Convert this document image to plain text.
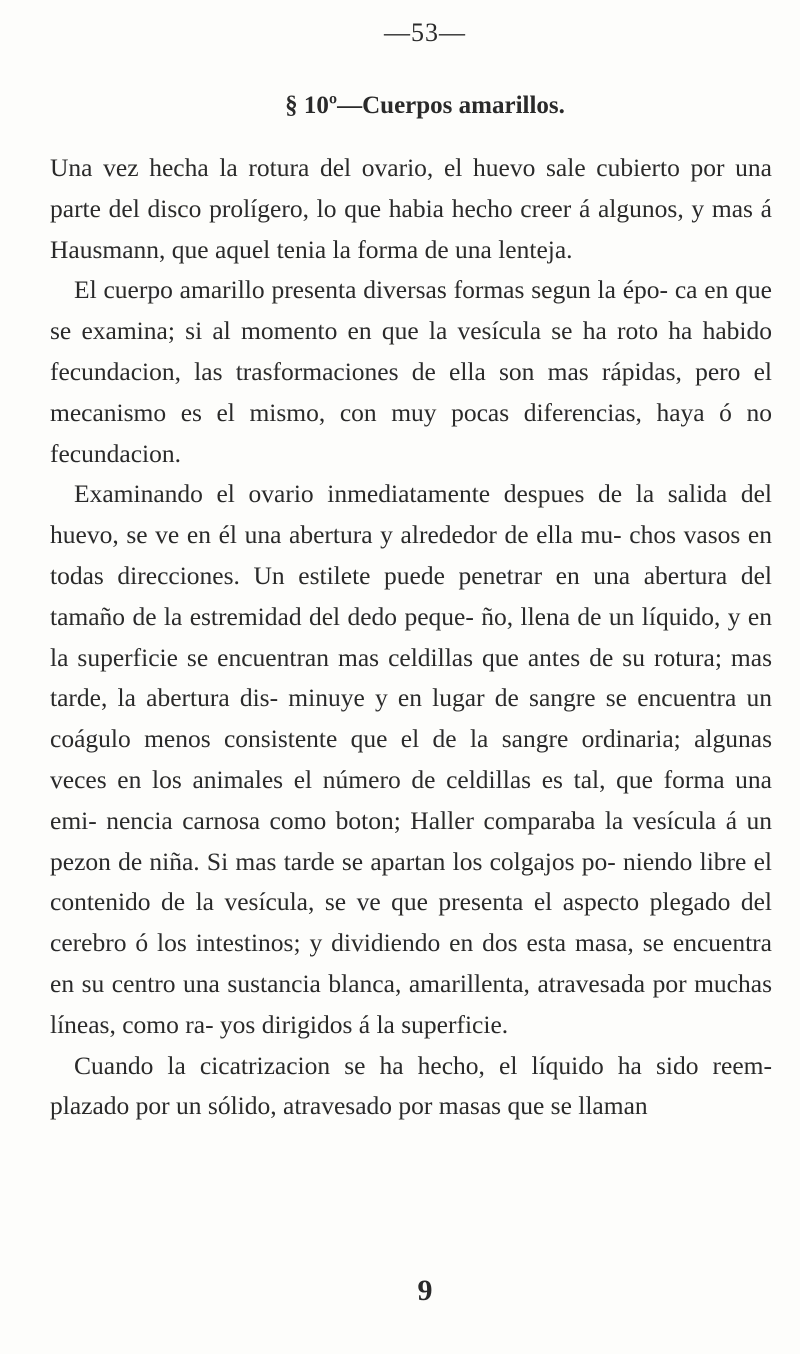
—53—
§ 10º—Cuerpos amarillos.

Una vez hecha la rotura del ovario, el huevo sale cubierto por una parte del disco prolígero, lo que habia hecho creer á algunos, y mas á Hausmann, que aquel tenia la forma de una lenteja.

El cuerpo amarillo presenta diversas formas segun la épo- ca en que se examina; si al momento en que la vesícula se ha roto ha habido fecundacion, las trasformaciones de ella son mas rápidas, pero el mecanismo es el mismo, con muy pocas diferencias, haya ó no fecundacion.

Examinando el ovario inmediatamente despues de la salida del huevo, se ve en él una abertura y alrededor de ella mu- chos vasos en todas direcciones. Un estilete puede penetrar en una abertura del tamaño de la estremidad del dedo peque- ño, llena de un líquido, y en la superficie se encuentran mas celdillas que antes de su rotura; mas tarde, la abertura dis- minuye y en lugar de sangre se encuentra un coágulo menos consistente que el de la sangre ordinaria; algunas veces en los animales el número de celdillas es tal, que forma una emi- nencia carnosa como boton; Haller comparaba la vesícula á un pezon de niña. Si mas tarde se apartan los colgajos po- niendo libre el contenido de la vesícula, se ve que presenta el aspecto plegado del cerebro ó los intestinos; y dividiendo en dos esta masa, se encuentra en su centro una sustancia blanca, amarillenta, atravesada por muchas líneas, como ra- yos dirigidos á la superficie.

Cuando la cicatrizacion se ha hecho, el líquido ha sido reem- plazado por un sólido, atravesado por masas que se llaman

9
